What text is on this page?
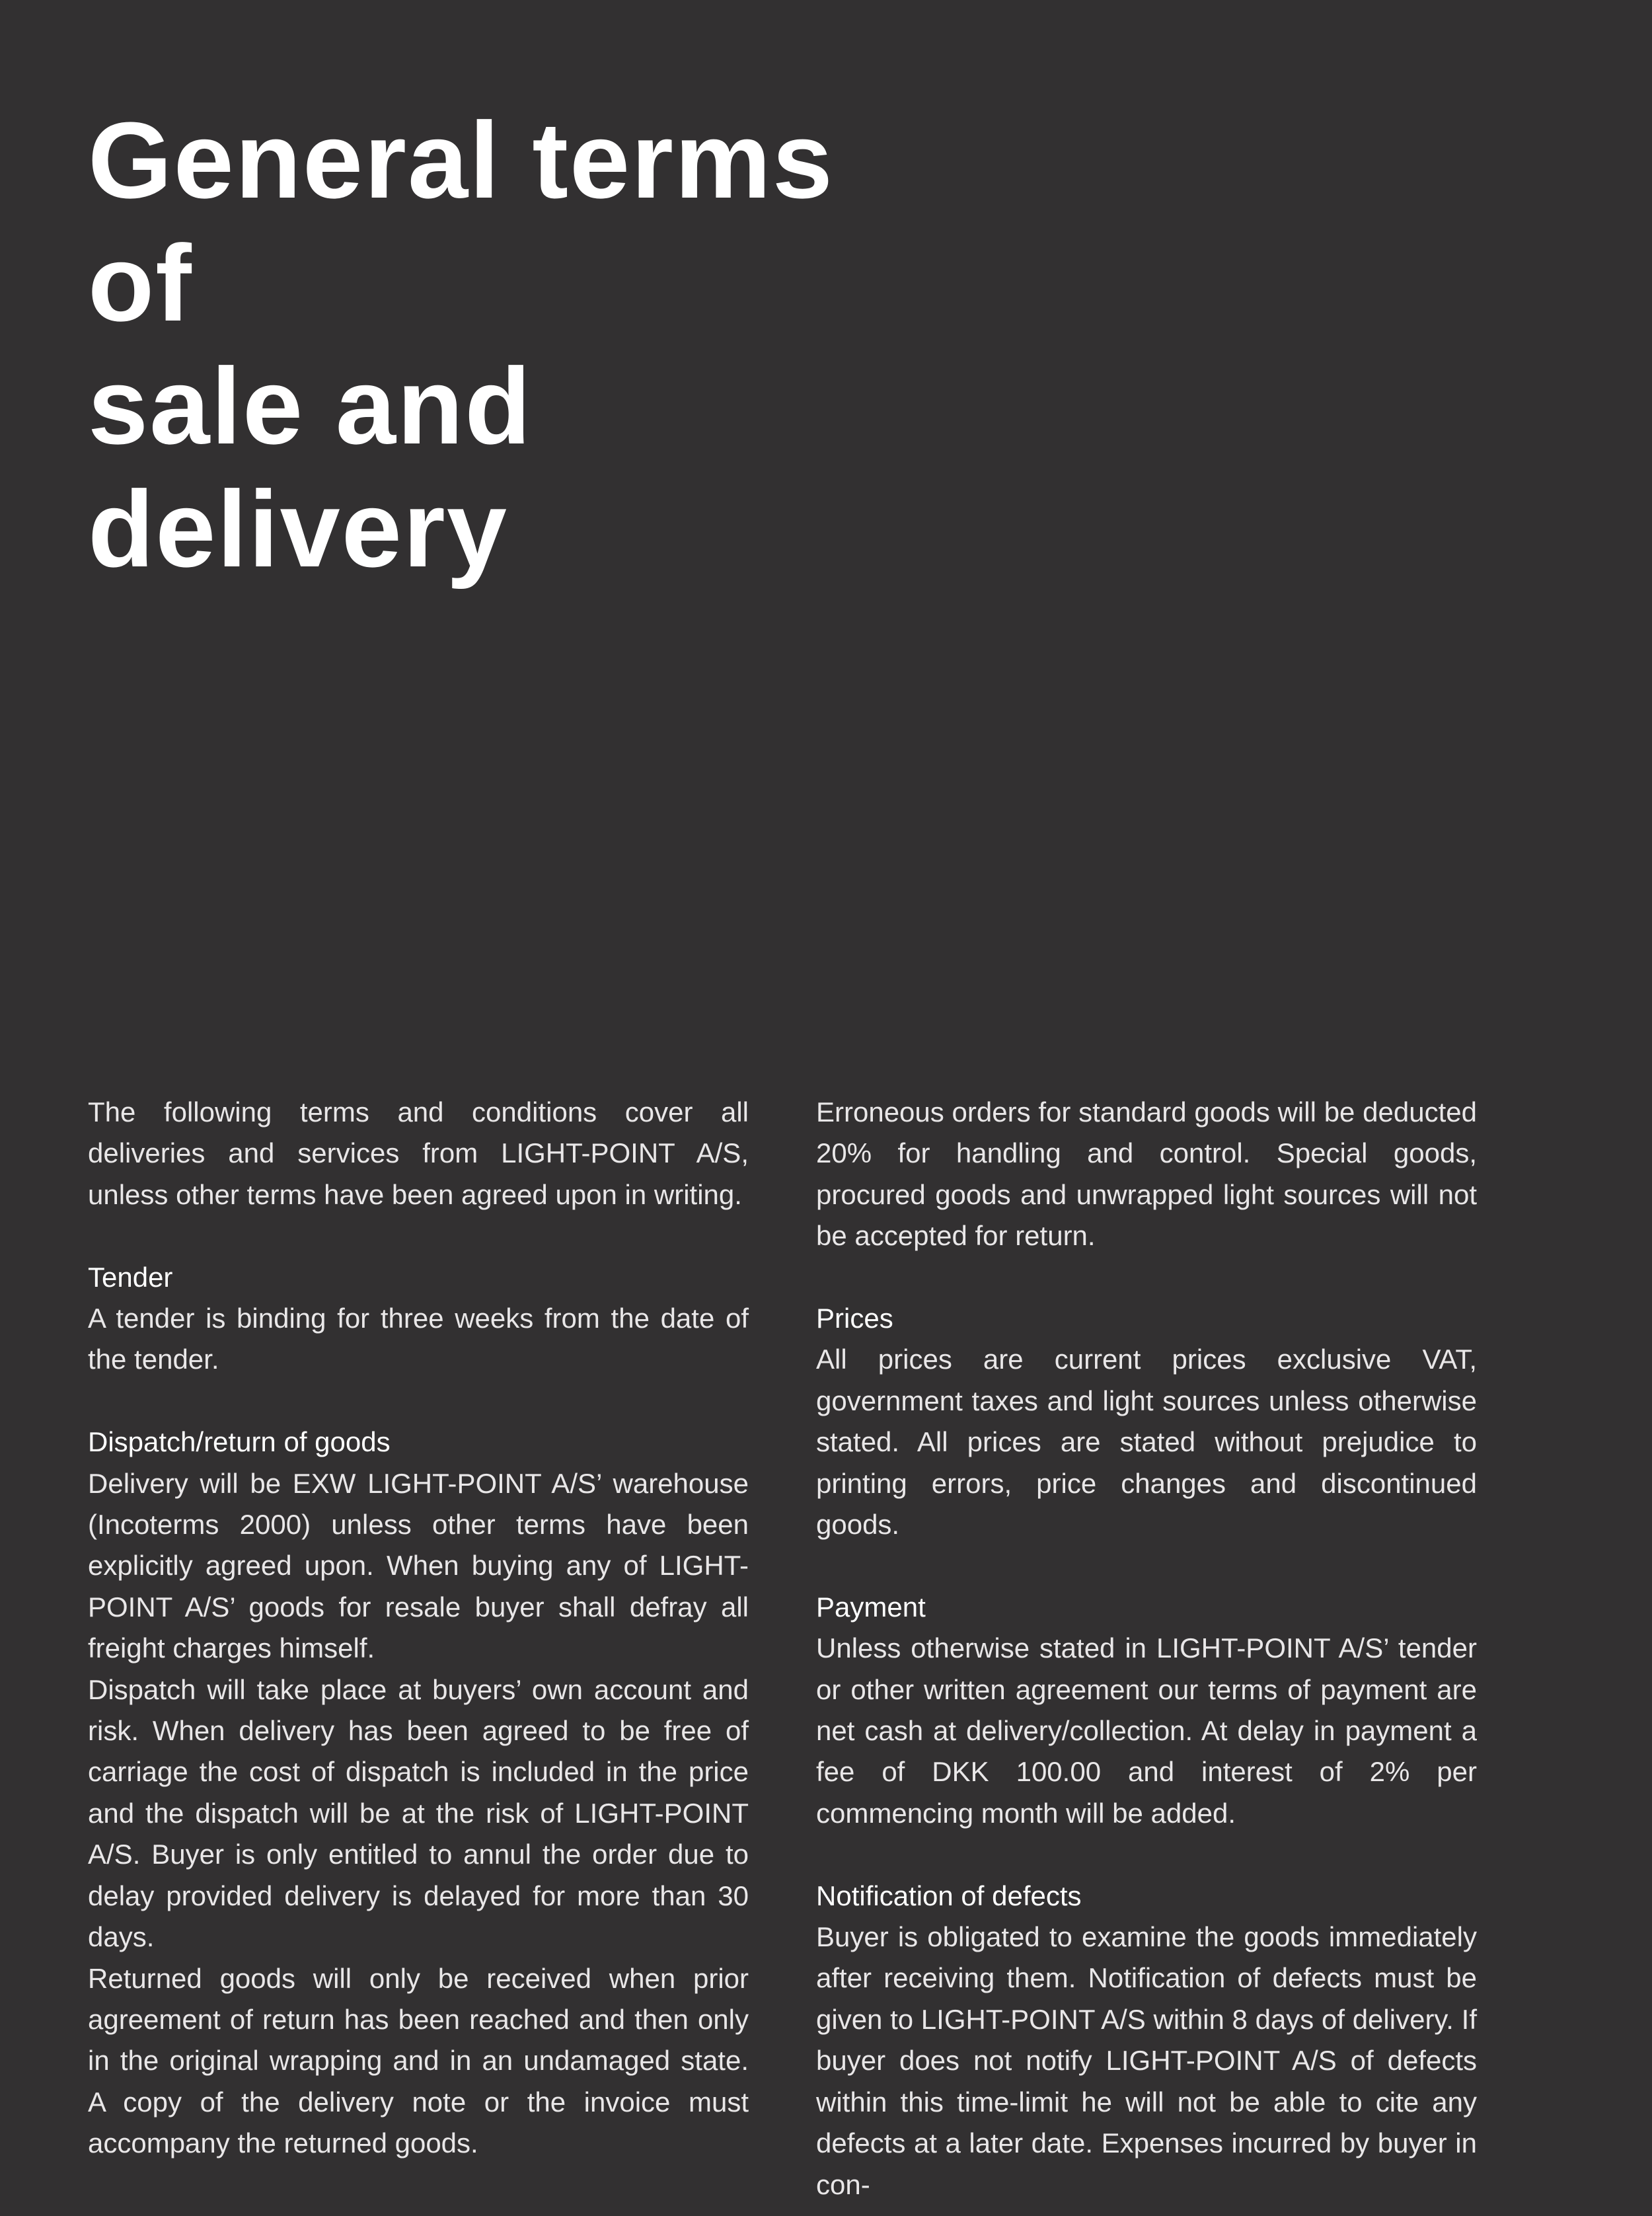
General terms of
sale and delivery

The following terms and conditions cover all deliveries and services from LIGHT-POINT A/S, unless other terms have been agreed upon in writing.

Tender

A tender is binding for three weeks from the date of the tender.

Dispatch/return of goods

Delivery will be EXW LIGHT-POINT A/S’ warehouse (Incoterms 2000) unless other terms have been explicitly agreed upon. When buying any of LIGHT-POINT A/S’ goods for resale buyer shall defray all freight charges himself.

Dispatch will take place at buyers’ own account and risk. When delivery has been agreed to be free of carriage the cost of dispatch is included in the price and the dispatch will be at the risk of LIGHT-POINT A/S. Buyer is only entitled to annul the order due to delay provided delivery is delayed for more than 30 days.

Returned goods will only be received when prior agreement of return has been reached and then only in the original wrapping and in an undamaged state. A copy of the delivery note or the invoice must accompany the returned goods.

Erroneous orders for standard goods will be deducted 20% for handling and control. Special goods, procured goods and unwrapped light sources will not be accepted for return.

Prices

All prices are current prices exclusive VAT, government taxes and light sources unless otherwise stated. All prices are stated without prejudice to printing errors, price changes and discontinued goods.

Payment

Unless otherwise stated in LIGHT-POINT A/S’ tender or other written agreement our terms of payment are net cash at delivery/collection. At delay in payment a fee of DKK 100.00 and interest of 2% per commencing month will be added.

Notification of defects

Buyer is obligated to examine the goods immediately after receiving them. Notification of defects must be given to LIGHT-POINT A/S within 8 days of delivery. If buyer does not notify LIGHT-POINT A/S of defects within this time-limit he will not be able to cite any defects at a later date. Expenses incurred by buyer in con-
